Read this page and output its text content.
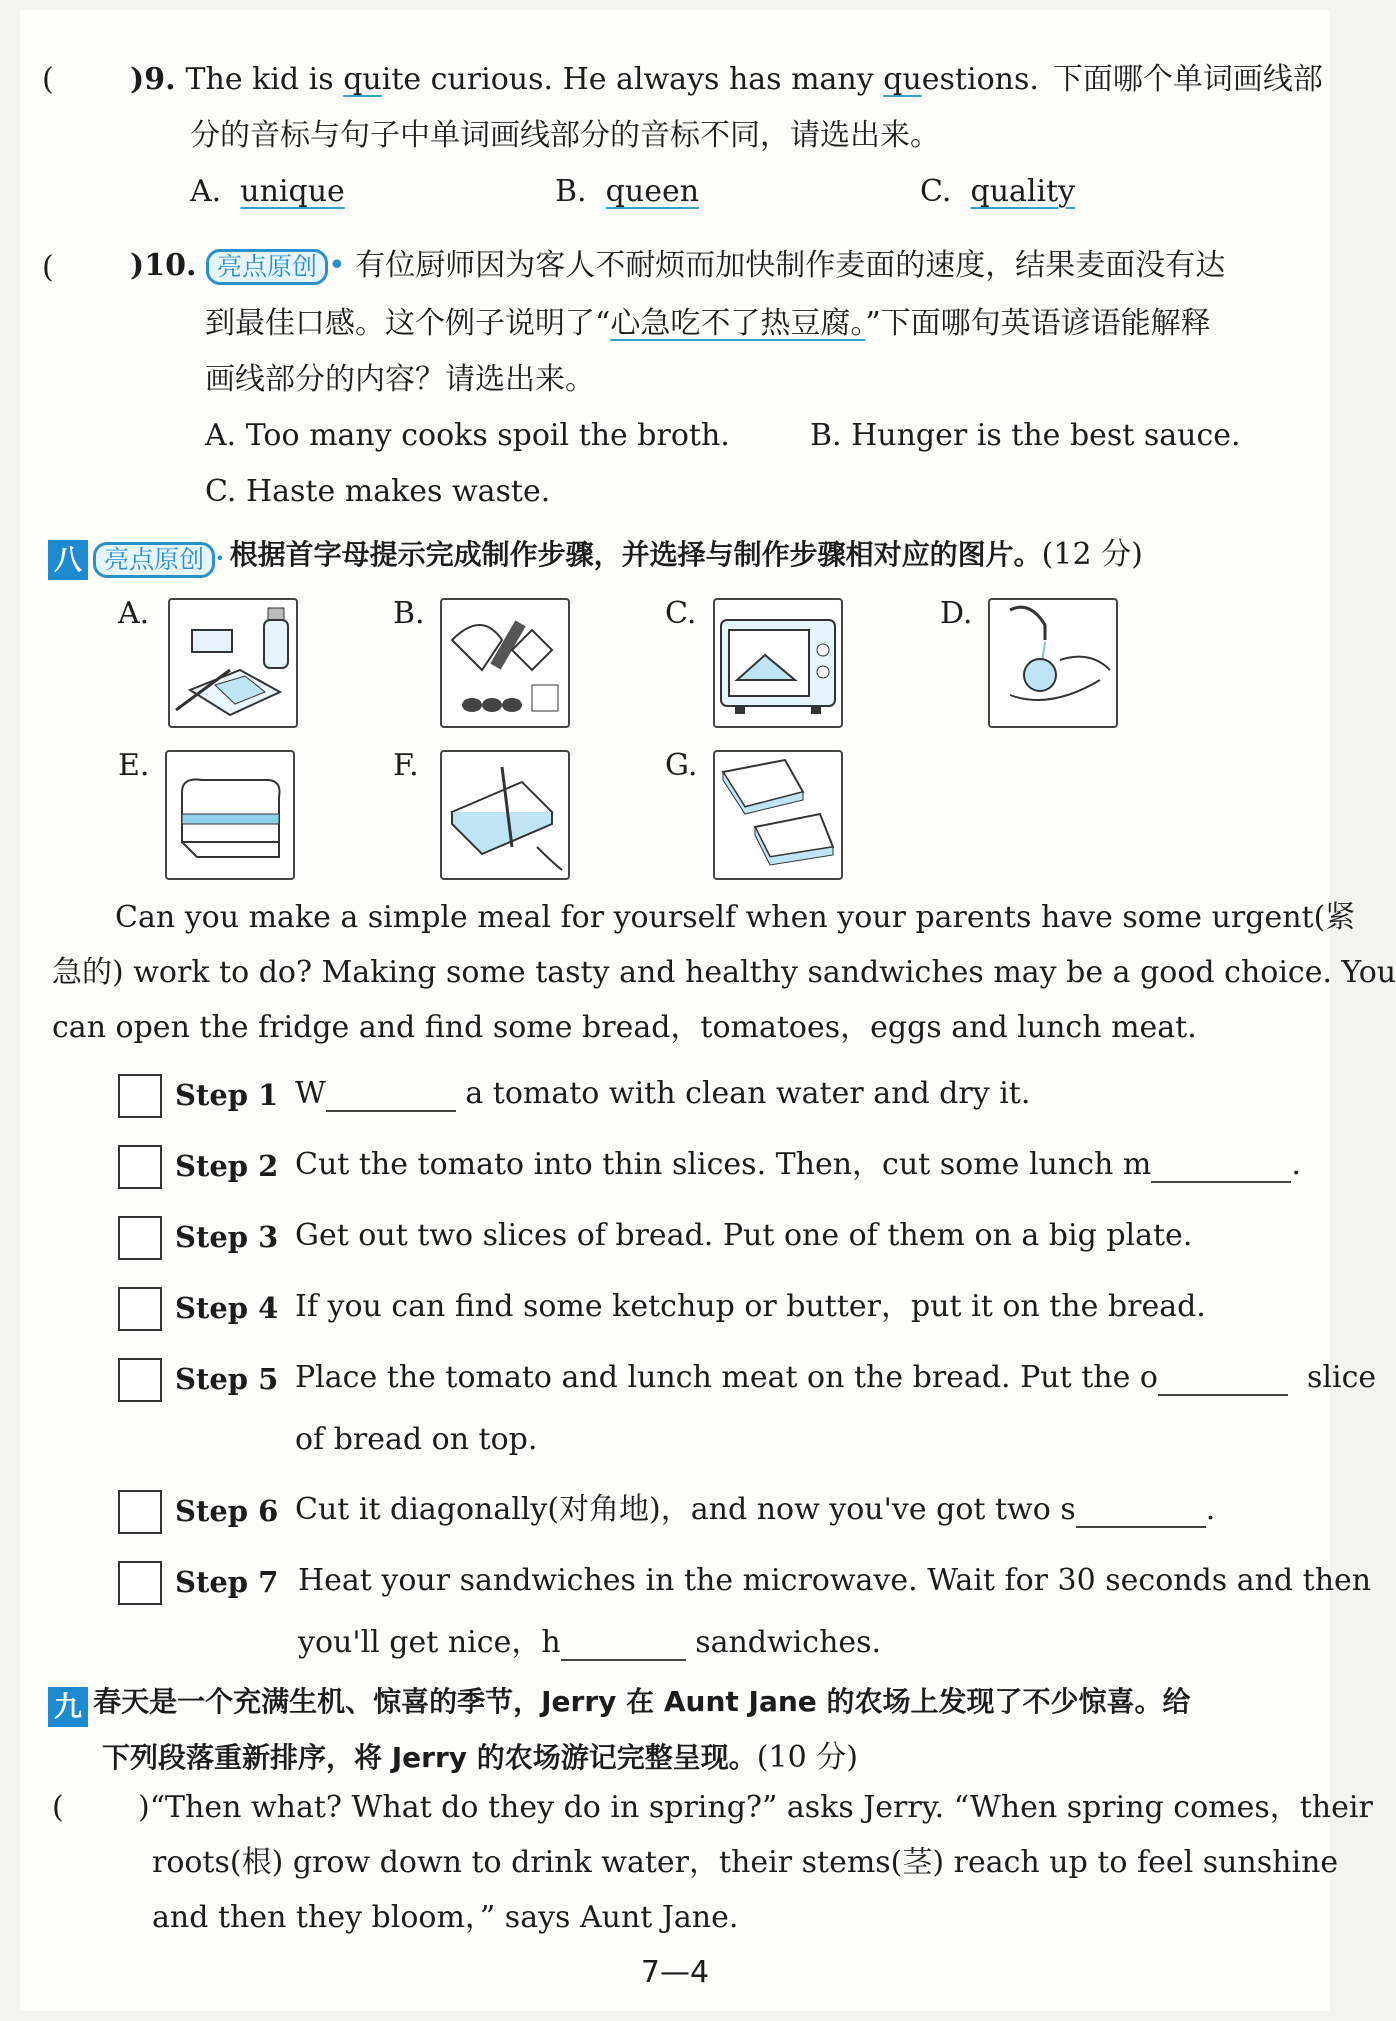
(	)9. The kid is quite curious. He always has many questions. 下面哪个单词画线部
分的音标与句子中单词画线部分的音标不同，请选出来。
A. unique	B. queen	C. quality
(	)10. 亮点原创 • 有位厨师因为客人不耐烦而加快制作麦面的速度，结果麦面没有达
到最佳口感。这个例子说明了“心急吃不了热豆腐。”下面哪句英语谚语能解释
画线部分的内容？请选出来。
A. Too many cooks spoil the broth.	B. Hunger is the best sauce.
C. Haste makes waste.
八 亮点原创 • 根据首字母提示完成制作步骤，并选择与制作步骤相对应的图片。(12 分)
A.	B.	C.	D.
E.	F.	G.
Can you make a simple meal for yourself when your parents have some urgent(紧
急的) work to do? Making some tasty and healthy sandwiches may be a good choice. You
can open the fridge and find some bread，tomatoes，eggs and lunch meat.
Step 1 W	a tomato with clean water and dry it.
Step 2 Cut the tomato into thin slices. Then，cut some lunch m	.
Step 3 Get out two slices of bread. Put one of them on a big plate.
Step 4 If you can find some ketchup or butter，put it on the bread.
Step 5 Place the tomato and lunch meat on the bread. Put the o	slice
of bread on top.
Step 6 Cut it diagonally(对角地)，and now you've got two s	.
Step 7 Heat your sandwiches in the microwave. Wait for 30 seconds and then
you'll get nice，h	sandwiches.
九 春天是一个充满生机、惊喜的季节，Jerry 在 Aunt Jane 的农场上发现了不少惊喜。给
下列段落重新排序，将 Jerry 的农场游记完整呈现。(10 分)
( )“Then what? What do they do in spring?” asks Jerry. “When spring comes，their
roots(根) grow down to drink water，their stems(茎) reach up to feel sunshine
and then they bloom，” says Aunt Jane.
7—4
